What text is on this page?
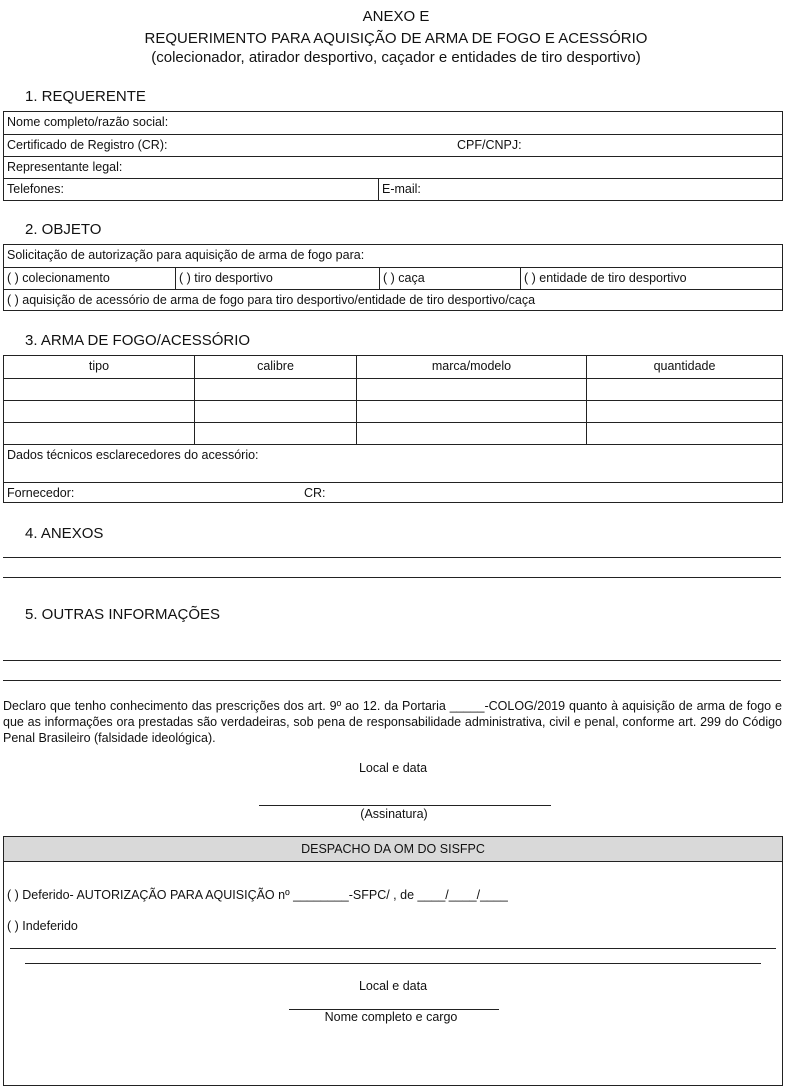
ANEXO E
REQUERIMENTO PARA AQUISIÇÃO DE ARMA DE FOGO E ACESSÓRIO
(colecionador, atirador desportivo, caçador e entidades de tiro desportivo)
1. REQUERENTE
Nome completo/razão social:
Certificado de Registro (CR):	CPF/CNPJ:
Representante legal:
Telefones:	E-mail:
2. OBJETO
Solicitação de autorização para aquisição de arma de fogo para:
( ) colecionamento	( ) tiro desportivo	( ) caça	( ) entidade de tiro desportivo
( ) aquisição de acessório de arma de fogo para tiro desportivo/entidade de tiro desportivo/caça
3. ARMA DE FOGO/ACESSÓRIO
tipo	calibre	marca/modelo	quantidade
Dados técnicos esclarecedores do acessório:
Fornecedor:	CR:
4. ANEXOS
5. OUTRAS INFORMAÇÕES

Declaro que tenho conhecimento das prescrições dos art. 9º ao 12. da Portaria _____-COLOG/2019 quanto à aquisição de arma de fogo e que as informações ora prestadas são verdadeiras, sob pena de responsabilidade administrativa, civil e penal, conforme art. 299 do Código Penal Brasileiro (falsidade ideológica).

Local e data
(Assinatura)
DESPACHO DA OM DO SISFPC
( ) Deferido- AUTORIZAÇÃO PARA AQUISIÇÃO nº ________-SFPC/ , de ____/____/____
( ) Indeferido
Local e data
Nome completo e cargo
